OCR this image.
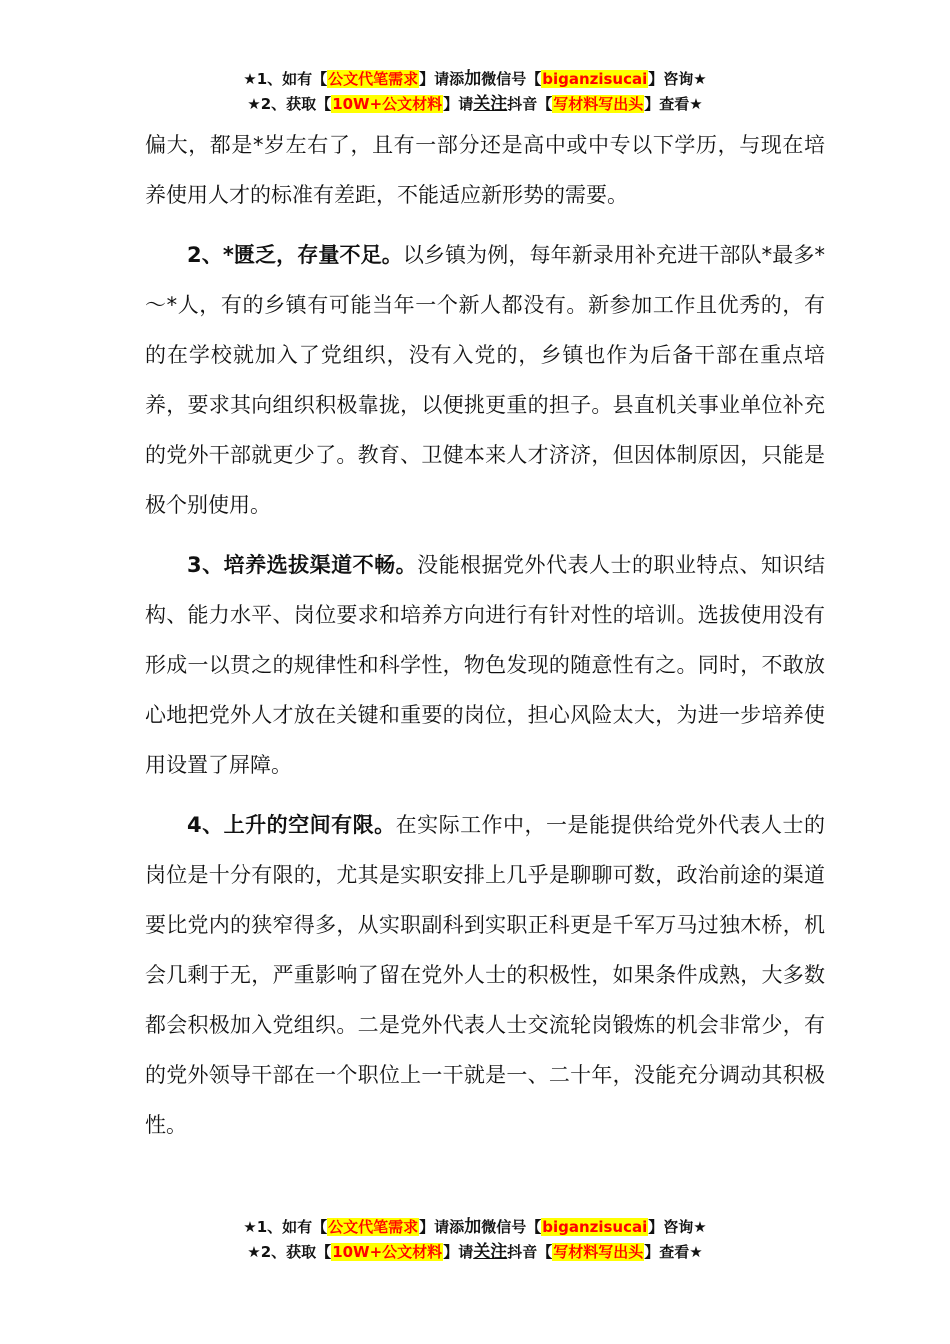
★1、如有【公文代笔需求】请添加微信号【biganzisucai】咨询★
★2、获取【10W+公文材料】请关注抖音【写材料写出头】查看★

偏大，都是*岁左右了，且有一部分还是高中或中专以下学历，与现在培养使用人才的标准有差距，不能适应新形势的需要。

2、*匮乏，存量不足。以乡镇为例，每年新录用补充进干部队*最多*～*人，有的乡镇有可能当年一个新人都没有。新参加工作且优秀的，有的在学校就加入了党组织，没有入党的，乡镇也作为后备干部在重点培养，要求其向组织积极靠拢，以便挑更重的担子。县直机关事业单位补充的党外干部就更少了。教育、卫健本来人才济济，但因体制原因，只能是极个别使用。

3、培养选拔渠道不畅。没能根据党外代表人士的职业特点、知识结构、能力水平、岗位要求和培养方向进行有针对性的培训。选拔使用没有形成一以贯之的规律性和科学性，物色发现的随意性有之。同时，不敢放心地把党外人才放在关键和重要的岗位，担心风险太大，为进一步培养使用设置了屏障。

4、上升的空间有限。在实际工作中，一是能提供给党外代表人士的岗位是十分有限的，尤其是实职安排上几乎是聊聊可数，政治前途的渠道要比党内的狭窄得多，从实职副科到实职正科更是千军万马过独木桥，机会几剩于无，严重影响了留在党外人士的积极性，如果条件成熟，大多数都会积极加入党组织。二是党外代表人士交流轮岗锻炼的机会非常少，有的党外领导干部在一个职位上一干就是一、二十年，没能充分调动其积极性。

★1、如有【公文代笔需求】请添加微信号【biganzisucai】咨询★
★2、获取【10W+公文材料】请关注抖音【写材料写出头】查看★
